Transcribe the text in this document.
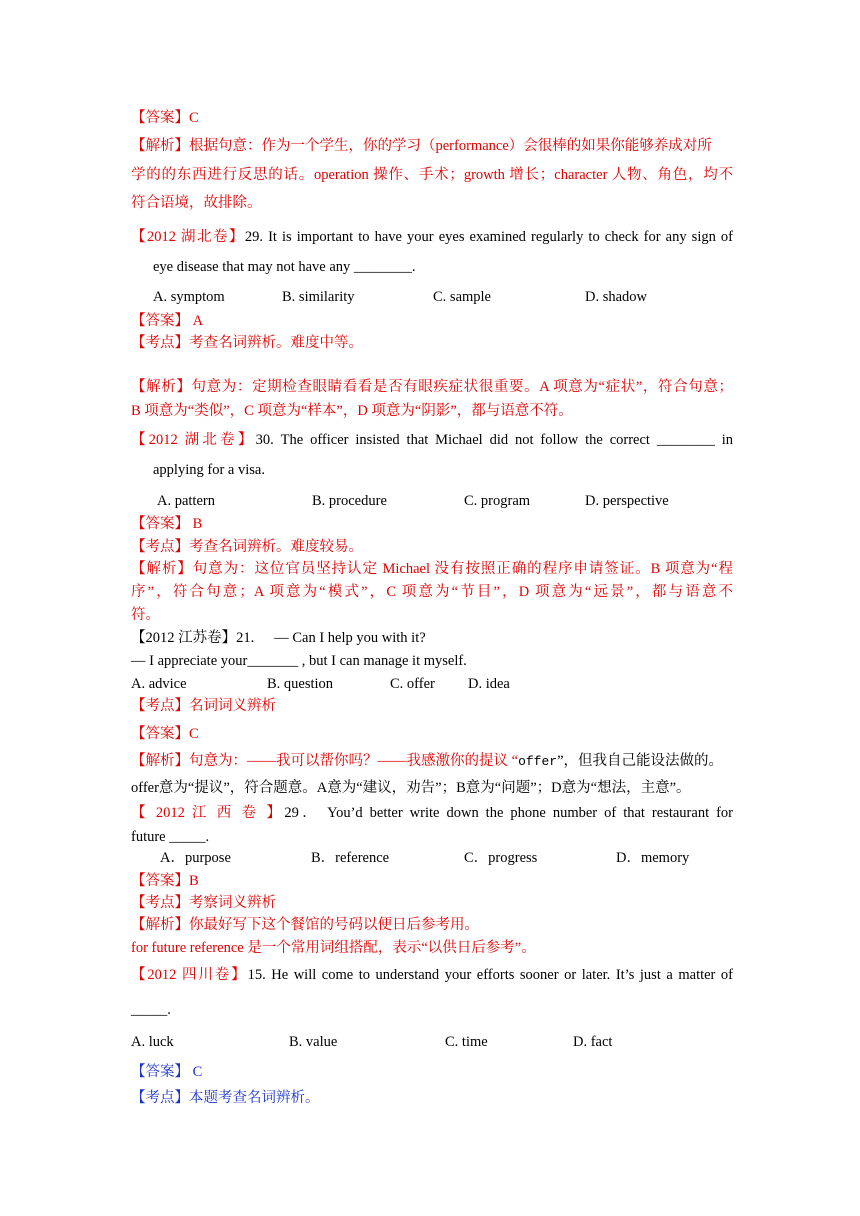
【答案】C
【解析】根据句意：作为一个学生，你的学习（performance）会很棒的如果你能够养成对所
学的的东西进行反思的话。operation 操作、手术；growth 增长；character 人物、角色，均不
符合语境，故排除。
【2012 湖北卷】29. It is important to have your eyes examined regularly to check for any sign of
eye disease that may not have any ________.
A. symptom	B. similarity	C. sample	D. shadow
【答案】 A
【考点】考查名词辨析。难度中等。
【解析】句意为：定期检查眼睛看看是否有眼疾症状很重要。A 项意为“症状”，符合句意；
B 项意为“类似”，C 项意为“样本”，D 项意为“阴影”，都与语意不符。
【2012 湖北卷】30. The officer insisted that Michael did not follow the correct ________ in
applying for a visa.
A. pattern	B. procedure	C. program	D. perspective
【答案】 B
【考点】考查名词辨析。难度较易。
【解析】句意为：这位官员坚持认定 Michael 没有按照正确的程序申请签证。B 项意为“程
序”，符合句意；A 项意为“模式”，C 项意为“节目”，D 项意为“远景”，都与语意不
符。
【2012 江苏卷】21. — Can I help you with it?
— I appreciate your_______ , but I can manage it myself.
A. advice	B. question	C. offer D. idea
【考点】名词词义辨析
【答案】C
【解析】句意为：——我可以帮你吗？——我感激你的提议 “offer”，但我自己能设法做的。
offer意为“提议”，符合题意。A意为“建议，劝告”；B意为“问题”；D意为“想法，主意”。
【 2012 江 西 卷 】29． You’d better write down the phone number of that restaurant for
future _____.
A．purpose	B．reference	C．progress	D．memory
【答案】B
【考点】考察词义辨析
【解析】你最好写下这个餐馆的号码以便日后参考用。
for future reference 是一个常用词组搭配，表示“以供日后参考”。
【2012 四川卷】15. He will come to understand your efforts sooner or later. It’s just a matter of
_____.
A. luck	B. value	C. time	D. fact
【答案】 C
【考点】本题考查名词辨析。
